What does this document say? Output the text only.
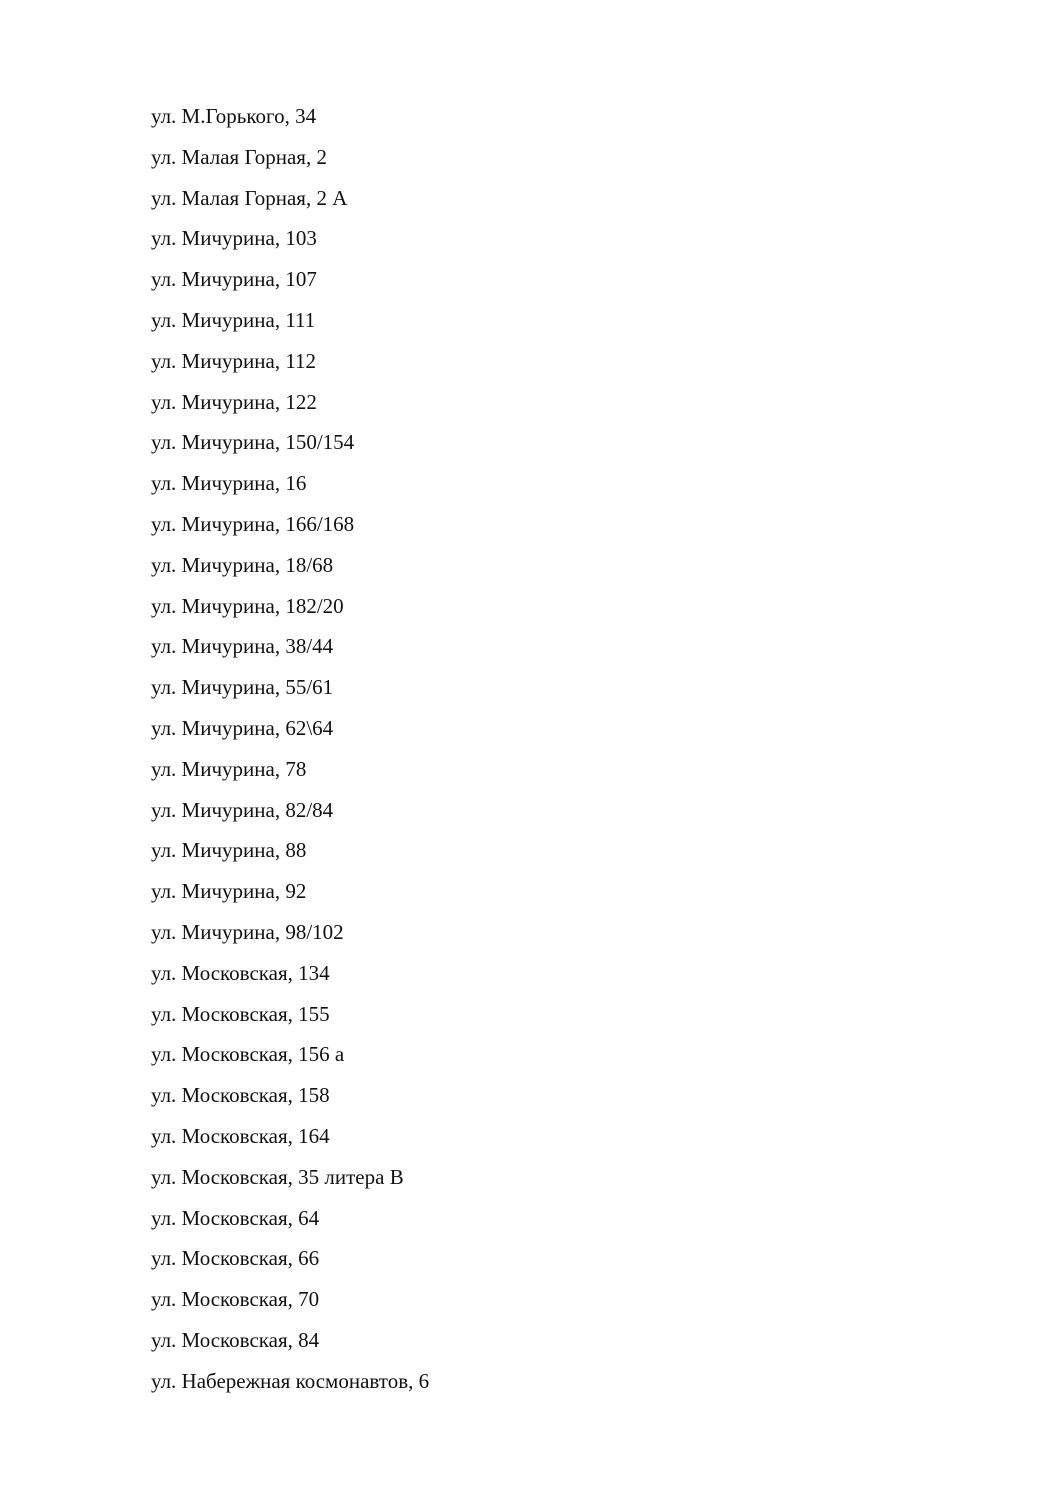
ул. М.Горького, 34
ул. Малая Горная, 2
ул. Малая Горная, 2 А
ул. Мичурина, 103
ул. Мичурина, 107
ул. Мичурина, 111
ул. Мичурина, 112
ул. Мичурина, 122
ул. Мичурина, 150/154
ул. Мичурина, 16
ул. Мичурина, 166/168
ул. Мичурина, 18/68
ул. Мичурина, 182/20
ул. Мичурина, 38/44
ул. Мичурина, 55/61
ул. Мичурина, 62\64
ул. Мичурина, 78
ул. Мичурина, 82/84
ул. Мичурина, 88
ул. Мичурина, 92
ул. Мичурина, 98/102
ул. Московская, 134
ул. Московская, 155
ул. Московская, 156 а
ул. Московская, 158
ул. Московская, 164
ул. Московская, 35 литера В
ул. Московская, 64
ул. Московская, 66
ул. Московская, 70
ул. Московская, 84
ул. Набережная космонавтов, 6
